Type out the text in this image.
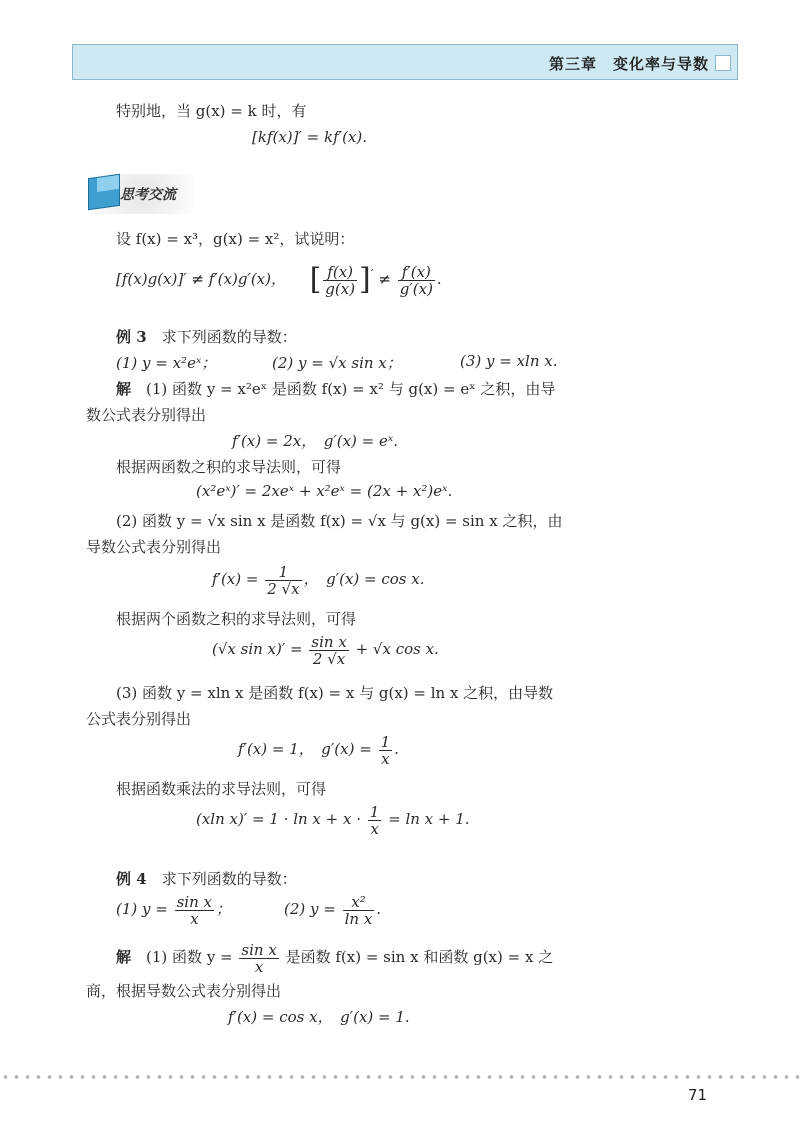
第三章　变化率与导数
特别地，当 g(x) = k 时，有
[kf(x)]′ = kf′(x).
思考交流
设 f(x) = x³，g(x) = x²，试说明：
[f(x)g(x)]′ ≠ f′(x)g′(x)， [ $\frac{f(x)}{g(x)} ]' \ne \frac{f'(x)}{g'(x)}$ .
例 3　 求下列函数的导数：
(1) y = x²eˣ；	(2) y = √x sin x；	(3) y = xln x.
解　 (1) 函数 y = x²eˣ 是函数 f(x) = x² 与 g(x) = eˣ 之积，由导
数公式表分别得出
f′(x) = 2x，　g′(x) = eˣ.
根据两函数之积的求导法则，可得
(x²eˣ)′ = 2xeˣ + x²eˣ = (2x + x²)eˣ.
(2) 函数 y = √x sin x 是函数 f(x) = √x 与 g(x) = sin x 之积，由
导数公式表分别得出
$f'(x) = \frac{1}{2 √x}$ ，　g′(x) = cos x.
根据两个函数之积的求导法则，可得
(√x $\sin x)' = \frac{\text{sin x}}{2 √x} + √x$ cos x.
(3) 函数 y = xln x 是函数 f(x) = x 与 g(x) = ln x 之积，由导数
公式表分别得出
f′(x) = 1，　$g'(x) = \frac{1}{x}$ .
根据函数乘法的求导法则，可得
(xln $x)' = 1 \cdot \ln x + x \cdot \frac{1}{x} = \ln x + 1$.
例 4　 求下列函数的导数：
(1) $y = \frac{\text{sin x}}{x}$ ；	(2) $y = \frac{\text{x²}}{\text{ln x}}$ .
解　 (1) 函数 $y = \frac{\text{sin x}}{x}$ 是函数 f(x) = sin x 和函数 g(x) = x 之
商，根据导数公式表分别得出
f′(x) = cos x，　g′(x) = 1.
71
